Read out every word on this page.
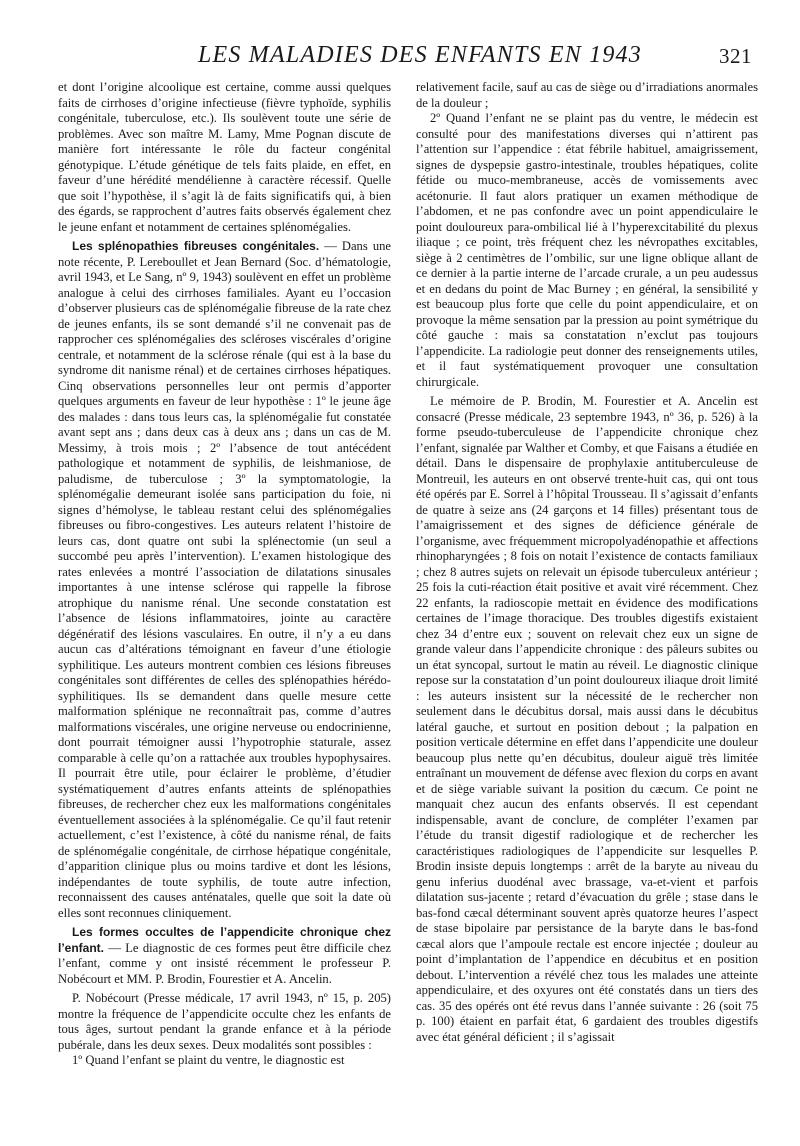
LES MALADIES DES ENFANTS EN 1943	321

et dont l’origine alcoolique est certaine, comme aussi quelques faits de cirrhoses d’origine infectieuse (fièvre typhoïde, syphilis congénitale, tuberculose, etc.). Ils soulèvent toute une série de problèmes. Avec son maître M. Lamy, Mme Pognan discute de manière fort intéressante le rôle du facteur congénital génotypique. L’étude génétique de tels faits plaide, en effet, en faveur d’une hérédité mendélienne à caractère récessif. Quelle que soit l’hypothèse, il s’agit là de faits significatifs qui, à bien des égards, se rapprochent d’autres faits observés également chez le jeune enfant et notamment de certaines splénomégalies.

Les splénopathies fibreuses congénitales. — Dans une note récente, P. Lereboullet et Jean Bernard (Soc. d’hématologie, avril 1943, et Le Sang, nº 9, 1943) soulèvent en effet un problème analogue à celui des cirrhoses familiales. Ayant eu l’occasion d’observer plusieurs cas de splénomégalie fibreuse de la rate chez de jeunes enfants, ils se sont demandé s’il ne convenait pas de rapprocher ces splénomégalies des scléroses viscérales d’origine centrale, et notamment de la sclérose rénale (qui est à la base du syndrome dit nanisme rénal) et de certaines cirrhoses hépatiques. Cinq observations personnelles leur ont permis d’apporter quelques arguments en faveur de leur hypothèse : 1º le jeune âge des malades : dans tous leurs cas, la splénomégalie fut constatée avant sept ans ; dans deux cas à deux ans ; dans un cas de M. Messimy, à trois mois ; 2º l’absence de tout antécédent pathologique et notamment de syphilis, de leishmaniose, de paludisme, de tuberculose ; 3º la symptomatologie, la splénomégalie demeurant isolée sans participation du foie, ni signes d’hémolyse, le tableau restant celui des splénomégalies fibreuses ou fibro-congestives. Les auteurs relatent l’histoire de leurs cas, dont quatre ont subi la splénectomie (un seul a succombé peu après l’intervention). L’examen histologique des rates enlevées a montré l’association de dilatations sinusales importantes à une intense sclérose qui rappelle la fibrose atrophique du nanisme rénal. Une seconde constatation est l’absence de lésions inflammatoires, jointe au caractère dégénératif des lésions vasculaires. En outre, il n’y a eu dans aucun cas d’altérations témoignant en faveur d’une étiologie syphilitique. Les auteurs montrent combien ces lésions fibreuses congénitales sont différentes de celles des splénopathies hérédo-syphilitiques. Ils se demandent dans quelle mesure cette malformation splénique ne reconnaîtrait pas, comme d’autres malformations viscérales, une origine nerveuse ou endocrinienne, dont pourrait témoigner aussi l’hypotrophie staturale, assez comparable à celle qu’on a rattachée aux troubles hypophysaires. Il pourrait être utile, pour éclairer le problème, d’étudier systématiquement d’autres enfants atteints de splénopathies fibreuses, de rechercher chez eux les malformations congénitales éventuellement associées à la splénomégalie. Ce qu’il faut retenir actuellement, c’est l’existence, à côté du nanisme rénal, de faits de splénomégalie congénitale, de cirrhose hépatique congénitale, d’apparition clinique plus ou moins tardive et dont les lésions, indépendantes de toute syphilis, de toute autre infection, reconnaissent des causes anténatales, quelle que soit la date où elles sont reconnues cliniquement.

Les formes occultes de l’appendicite chronique chez l’enfant. — Le diagnostic de ces formes peut être difficile chez l’enfant, comme y ont insisté récemment le professeur P. Nobécourt et MM. P. Brodin, Fourestier et A. Ancelin.

P. Nobécourt (Presse médicale, 17 avril 1943, nº 15, p. 205) montre la fréquence de l’appendicite occulte chez les enfants de tous âges, surtout pendant la grande enfance et à la période pubérale, dans les deux sexes. Deux modalités sont possibles :

1º Quand l’enfant se plaint du ventre, le diagnostic est

relativement facile, sauf au cas de siège ou d’irradiations anormales de la douleur ;

2º Quand l’enfant ne se plaint pas du ventre, le médecin est consulté pour des manifestations diverses qui n’attirent pas l’attention sur l’appendice : état fébrile habituel, amaigrissement, signes de dyspepsie gastro-intestinale, troubles hépatiques, colite fétide ou muco-membraneuse, accès de vomissements avec acétonurie. Il faut alors pratiquer un examen méthodique de l’abdomen, et ne pas confondre avec un point appendiculaire le point douloureux para-ombilical lié à l’hyperexcitabilité du plexus iliaque ; ce point, très fréquent chez les névropathes excitables, siège à 2 centimètres de l’ombilic, sur une ligne oblique allant de ce dernier à la partie interne de l’arcade crurale, a un peu audessus et en dedans du point de Mac Burney ; en général, la sensibilité y est beaucoup plus forte que celle du point appendiculaire, et on provoque la même sensation par la pression au point symétrique du côté gauche : mais sa constatation n’exclut pas toujours l’appendicite. La radiologie peut donner des renseignements utiles, et il faut systématiquement provoquer une consultation chirurgicale.

Le mémoire de P. Brodin, M. Fourestier et A. Ancelin est consacré (Presse médicale, 23 septembre 1943, nº 36, p. 526) à la forme pseudo-tuberculeuse de l’appendicite chronique chez l’enfant, signalée par Walther et Comby, et que Faisans a étudiée en détail. Dans le dispensaire de prophylaxie antituberculeuse de Montreuil, les auteurs en ont observé trente-huit cas, qui ont tous été opérés par E. Sorrel à l’hôpital Trousseau. Il s’agissait d’enfants de quatre à seize ans (24 garçons et 14 filles) présentant tous de l’amaigrissement et des signes de déficience générale de l’organisme, avec fréquemment micropolyadénopathie et affections rhinopharyngées ; 8 fois on notait l’existence de contacts familiaux ; chez 8 autres sujets on relevait un épisode tuberculeux antérieur ; 25 fois la cuti-réaction était positive et avait viré récemment. Chez 22 enfants, la radioscopie mettait en évidence des modifications certaines de l’image thoracique. Des troubles digestifs existaient chez 34 d’entre eux ; souvent on relevait chez eux un signe de grande valeur dans l’appendicite chronique : des pâleurs subites ou un état syncopal, surtout le matin au réveil. Le diagnostic clinique repose sur la constatation d’un point douloureux iliaque droit limité : les auteurs insistent sur la nécessité de le rechercher non seulement dans le décubitus dorsal, mais aussi dans le décubitus latéral gauche, et surtout en position debout ; la palpation en position verticale détermine en effet dans l’appendicite une douleur beaucoup plus nette qu’en décubitus, douleur aiguë très limitée entraînant un mouvement de défense avec flexion du corps en avant et de siège variable suivant la position du cæcum. Ce point ne manquait chez aucun des enfants observés. Il est cependant indispensable, avant de conclure, de compléter l’examen par l’étude du transit digestif radiologique et de rechercher les caractéristiques radiologiques de l’appendicite sur lesquelles P. Brodin insiste depuis longtemps : arrêt de la baryte au niveau du genu inferius duodénal avec brassage, va-et-vient et parfois dilatation sus-jacente ; retard d’évacuation du grêle ; stase dans le bas-fond cæcal déterminant souvent après quatorze heures l’aspect de stase bipolaire par persistance de la baryte dans le bas-fond cæcal alors que l’ampoule rectale est encore injectée ; douleur au point d’implantation de l’appendice en décubitus et en position debout. L’intervention a révélé chez tous les malades une atteinte appendiculaire, et des oxyures ont été constatés dans un tiers des cas. 35 des opérés ont été revus dans l’année suivante : 26 (soit 75 p. 100) étaient en parfait état, 6 gardaient des troubles digestifs avec état général déficient ; il s’agissait
